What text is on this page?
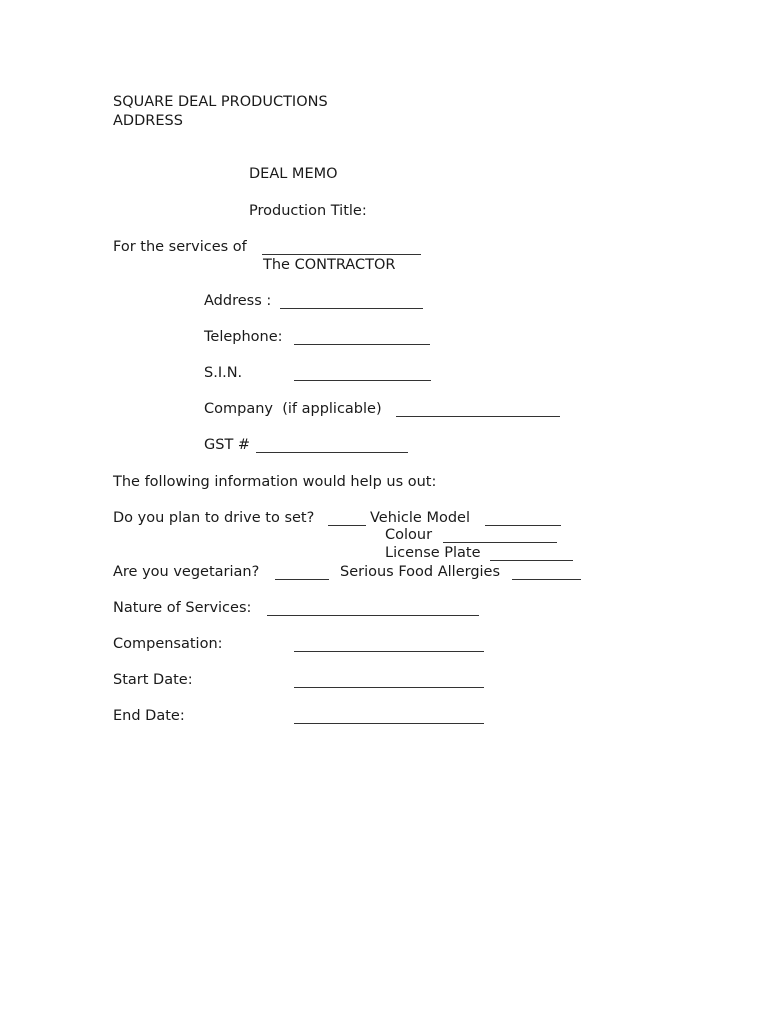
SQUARE DEAL PRODUCTIONS
ADDRESS
DEAL MEMO
Production Title:
For the services of
The CONTRACTOR
Address :
Telephone:
S.I.N.
Company  (if applicable)
GST #
The following information would help us out:
Do you plan to drive to set?	Vehicle Model
Colour
License Plate
Are you vegetarian?	Serious Food Allergies
Nature of Services:
Compensation:
Start Date:
End Date:
